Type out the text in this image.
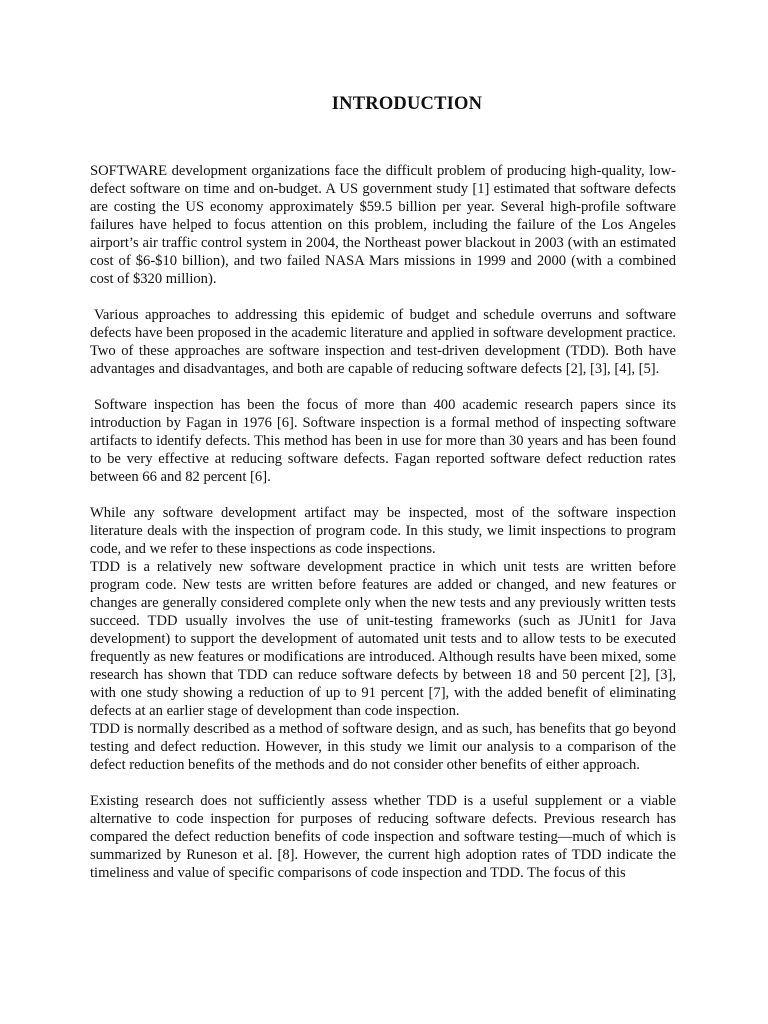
INTRODUCTION

SOFTWARE development organizations face the difficult problem of producing high-quality, low-defect software on time and on-budget. A US government study [1] estimated that software defects are costing the US economy approximately $59.5 billion per year. Several high-profile software failures have helped to focus attention on this problem, including the failure of the Los Angeles airport’s air traffic control system in 2004, the Northeast power blackout in 2003 (with an estimated cost of $6-$10 billion), and two failed NASA Mars missions in 1999 and 2000 (with a combined cost of $320 million).

Various approaches to addressing this epidemic of budget and schedule overruns and software defects have been proposed in the academic literature and applied in software development practice. Two of these approaches are software inspection and test-driven development (TDD). Both have advantages and disadvantages, and both are capable of reducing software defects [2], [3], [4], [5].

Software inspection has been the focus of more than 400 academic research papers since its introduction by Fagan in 1976 [6]. Software inspection is a formal method of inspecting software artifacts to identify defects. This method has been in use for more than 30 years and has been found to be very effective at reducing software defects. Fagan reported software defect reduction rates between 66 and 82 percent [6].

While any software development artifact may be inspected, most of the software inspection literature deals with the inspection of program code. In this study, we limit inspections to program code, and we refer to these inspections as code inspections.

TDD is a relatively new software development practice in which unit tests are written before program code. New tests are written before features are added or changed, and new features or changes are generally considered complete only when the new tests and any previously written tests succeed. TDD usually involves the use of unit-testing frameworks (such as JUnit1 for Java development) to support the development of automated unit tests and to allow tests to be executed frequently as new features or modifications are introduced. Although results have been mixed, some research has shown that TDD can reduce software defects by between 18 and 50 percent [2], [3], with one study showing a reduction of up to 91 percent [7], with the added benefit of eliminating defects at an earlier stage of development than code inspection.

TDD is normally described as a method of software design, and as such, has benefits that go beyond testing and defect reduction. However, in this study we limit our analysis to a comparison of the defect reduction benefits of the methods and do not consider other benefits of either approach.

Existing research does not sufficiently assess whether TDD is a useful supplement or a viable alternative to code inspection for purposes of reducing software defects. Previous research has compared the defect reduction benefits of code inspection and software testing—much of which is summarized by Runeson et al. [8]. However, the current high adoption rates of TDD indicate the timeliness and value of specific comparisons of code inspection and TDD. The focus of this
